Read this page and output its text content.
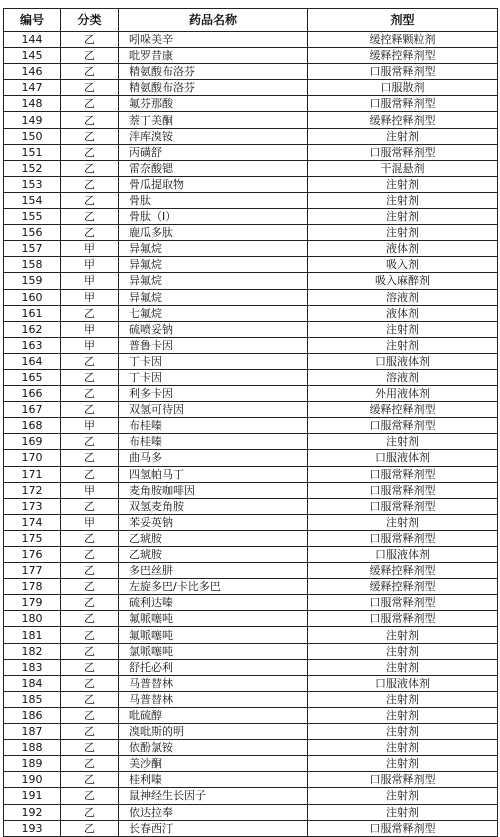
编号	分类	药品名称	剂型
144	乙	吲哚美辛	缓控释颗粒剂
145	乙	吡罗昔康	缓释控释剂型
146	乙	精氨酸布洛芬	口服常释剂型
147	乙	精氨酸布洛芬	口服散剂
148	乙	氟芬那酸	口服常释剂型
149	乙	萘丁美酮	缓释控释剂型
150	乙	泮库溴铵	注射剂
151	乙	丙磺舒	口服常释剂型
152	乙	雷奈酸锶	干混悬剂
153	乙	骨瓜提取物	注射剂
154	乙	骨肽	注射剂
155	乙	骨肽（Ⅰ）	注射剂
156	乙	鹿瓜多肽	注射剂
157	甲	异氟烷	液体剂
158	甲	异氟烷	吸入剂
159	甲	异氟烷	吸入麻醉剂
160	甲	异氟烷	溶液剂
161	乙	七氟烷	液体剂
162	甲	硫喷妥钠	注射剂
163	甲	普鲁卡因	注射剂
164	乙	丁卡因	口服液体剂
165	乙	丁卡因	溶液剂
166	乙	利多卡因	外用液体剂
167	乙	双氢可待因	缓释控释剂型
168	甲	布桂嗪	口服常释剂型
169	乙	布桂嗪	注射剂
170	乙	曲马多	口服液体剂
171	乙	四氢帕马丁	口服常释剂型
172	甲	麦角胺咖啡因	口服常释剂型
173	乙	双氢麦角胺	口服常释剂型
174	甲	苯妥英钠	注射剂
175	乙	乙琥胺	口服常释剂型
176	乙	乙琥胺	口服液体剂
177	乙	多巴丝肼	缓释控释剂型
178	乙	左旋多巴/卡比多巴	缓释控释剂型
179	乙	硫利达嗪	口服常释剂型
180	乙	氟哌噻吨	口服常释剂型
181	乙	氟哌噻吨	注射剂
182	乙	氯哌噻吨	注射剂
183	乙	舒托必利	注射剂
184	乙	马普替林	口服液体剂
185	乙	马普替林	注射剂
186	乙	吡硫醇	注射剂
187	乙	溴吡斯的明	注射剂
188	乙	依酚氯铵	注射剂
189	乙	美沙酮	注射剂
190	乙	桂利嗪	口服常释剂型
191	乙	鼠神经生长因子	注射剂
192	乙	依达拉奉	注射剂
193	乙	长春西汀	口服常释剂型
